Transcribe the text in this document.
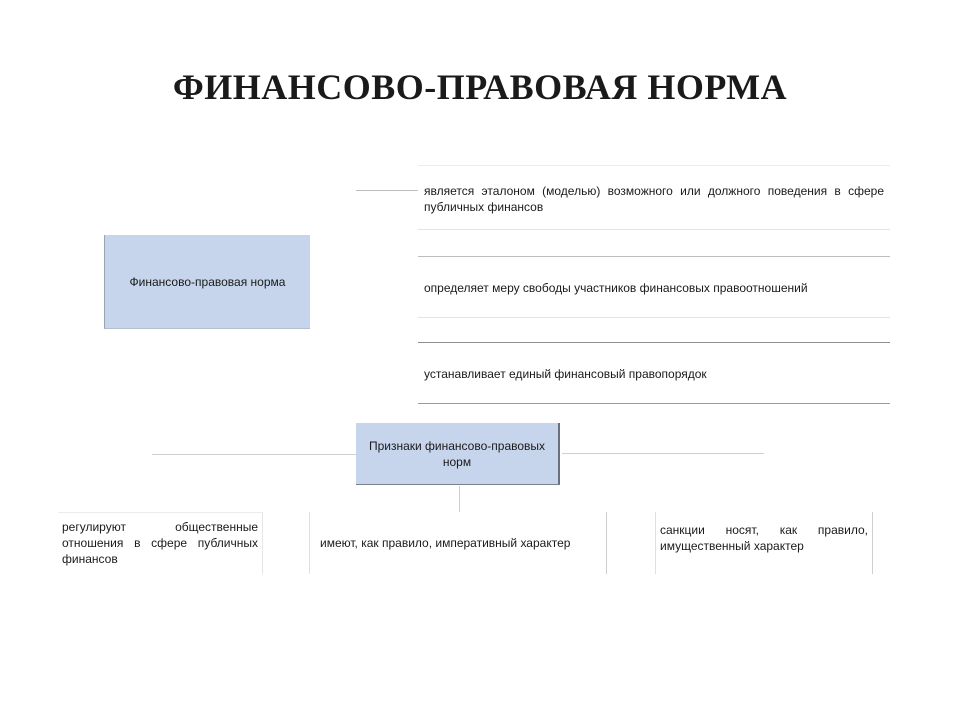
ФИНАНСОВО-ПРАВОВАЯ НОРМА
Финансово-правовая норма
является эталоном (моделью) возможного или должного поведения в сфере публичных финансов
определяет меру свободы участников финансовых правоотношений
устанавливает единый финансовый правопорядок
Признаки финансово-правовых норм
регулируют общественные отношения в сфере публичных финансов
имеют, как правило, императивный характер
санкции носят, как правило, имущественный характер
